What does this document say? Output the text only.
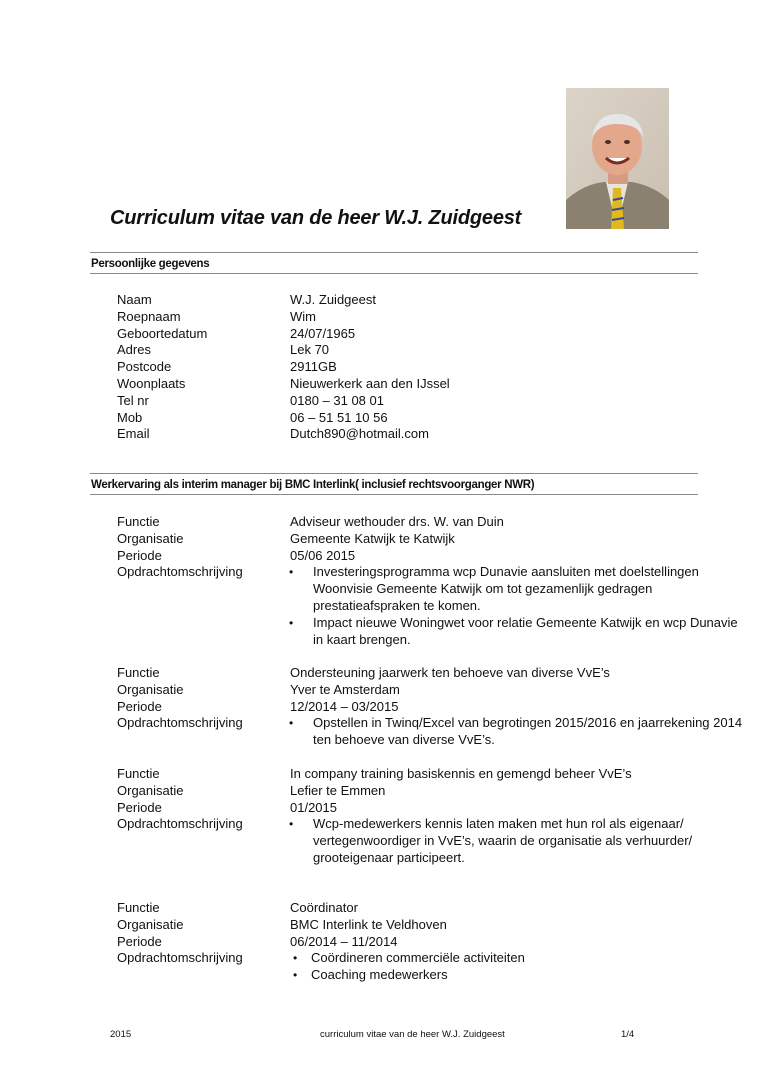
Curriculum vitae van de heer W.J. Zuidgeest
Persoonlijke gegevens
Naam	W.J. Zuidgeest
Roepnaam	Wim
Geboortedatum	24/07/1965
Adres	Lek 70
Postcode	2911GB
Woonplaats	Nieuwerkerk aan den IJssel
Tel nr	0180 – 31 08 01
Mob	06 – 51 51 10 56
Email	Dutch890@hotmail.com
Werkervaring als interim manager bij BMC Interlink( inclusief rechtsvoorganger NWR)
Functie	Adviseur wethouder drs. W. van Duin
Organisatie	Gemeente Katwijk te Katwijk
Periode	05/06 2015
Opdrachtomschrijving	• Investeringsprogramma wcp Dunavie aansluiten met doelstellingen
Woonvisie Gemeente Katwijk om tot gezamenlijk gedragen
prestatieafspraken te komen.
• Impact nieuwe Woningwet voor relatie Gemeente Katwijk en wcp Dunavie
in kaart brengen.
Functie	Ondersteuning jaarwerk ten behoeve van diverse VvE’s
Organisatie	Yver te Amsterdam
Periode	12/2014 – 03/2015
Opdrachtomschrijving	• Opstellen in Twinq/Excel van begrotingen 2015/2016 en jaarrekening 2014
ten behoeve van diverse VvE’s.
Functie	In company training basiskennis en gemengd beheer VvE’s
Organisatie	Lefier te Emmen
Periode	01/2015
Opdrachtomschrijving	• Wcp-medewerkers kennis laten maken met hun rol als eigenaar/
vertegenwoordiger in VvE’s, waarin de organisatie als verhuurder/
grooteigenaar participeert.
Functie	Coördinator
Organisatie	BMC Interlink te Veldhoven
Periode	06/2014 – 11/2014
Opdrachtomschrijving	• Coördineren commerciële activiteiten
• Coaching medewerkers
2015	curriculum vitae van de heer W.J. Zuidgeest	1/4
